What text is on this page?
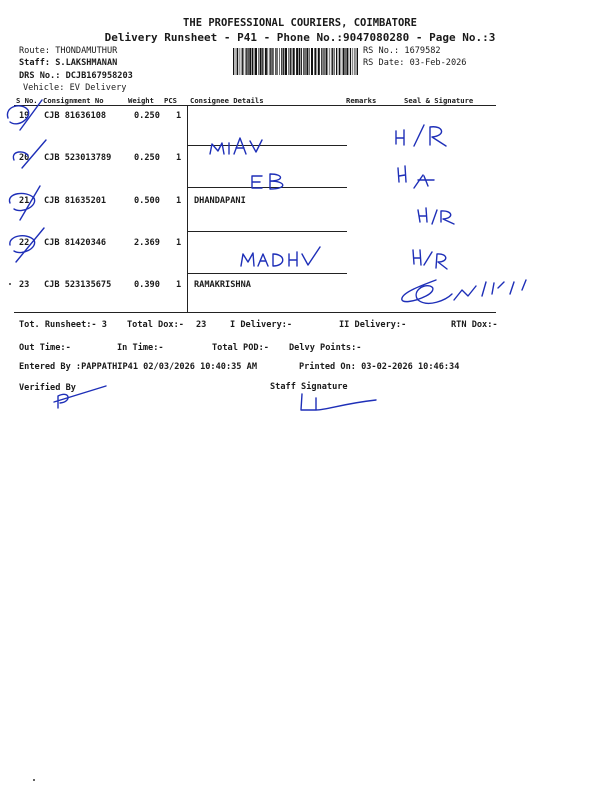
THE PROFESSIONAL COURIERS, COIMBATORE
Delivery Runsheet - P41 - Phone No.:9047080280 - Page No.:3
Route: THONDAMUTHUR
Staff: S.LAKSHMANAN
DRS No.: DCJB167958203
Vehicle: EV Delivery
RS No.: 1679582
RS Date: 03-Feb-2026
S No. Consignment No	Weight PCS Consignee Details	Remarks	Seal & Signature
19 CJB 81636108	0.250 1
20 CJB 523013789	0.250 1
21 CJB 81635201	0.500 1 DHANDAPANI
22 CJB 81420346	2.369 1
23 CJB 523135675	0.390 1 RAMAKRISHNA
Tot. Runsheet:- 3 Total Dox:- 23	I Delivery:-	II Delivery:-	RTN Dox:-
Out Time:-	In Time:-	Total POD:- Delvy Points:-
Entered By :PAPPATHIP41 02/03/2026 10:40:35 AM	Printed On: 03-02-2026 10:46:34
Verified By	Staff Signature
